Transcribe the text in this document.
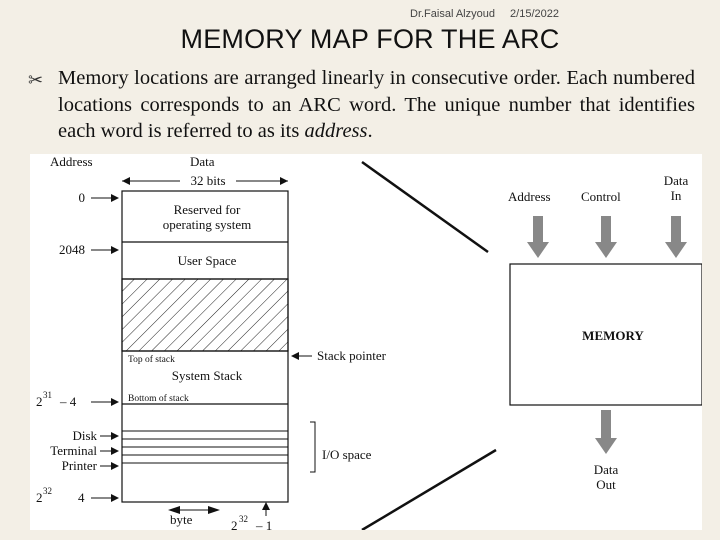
Dr.Faisal Alzyoud 2/15/2022
MEMORY MAP FOR THE ARC
✂ Memory locations are arranged linearly in consecutive order. Each numbered locations corresponds to an ARC word. The unique number that identifies each word is referred to as its address.
Address	Data
32 bits
Reserved for
operating system
User Space
Top of stack
System Stack
Bottom of stack
0
2048
2 31 – 4
Disk
Terminal
Printer
2 32 4
Stack pointer
I/O space
byte	2 32 – 1
Address Control
Data
In
MEMORY
Data
Out
